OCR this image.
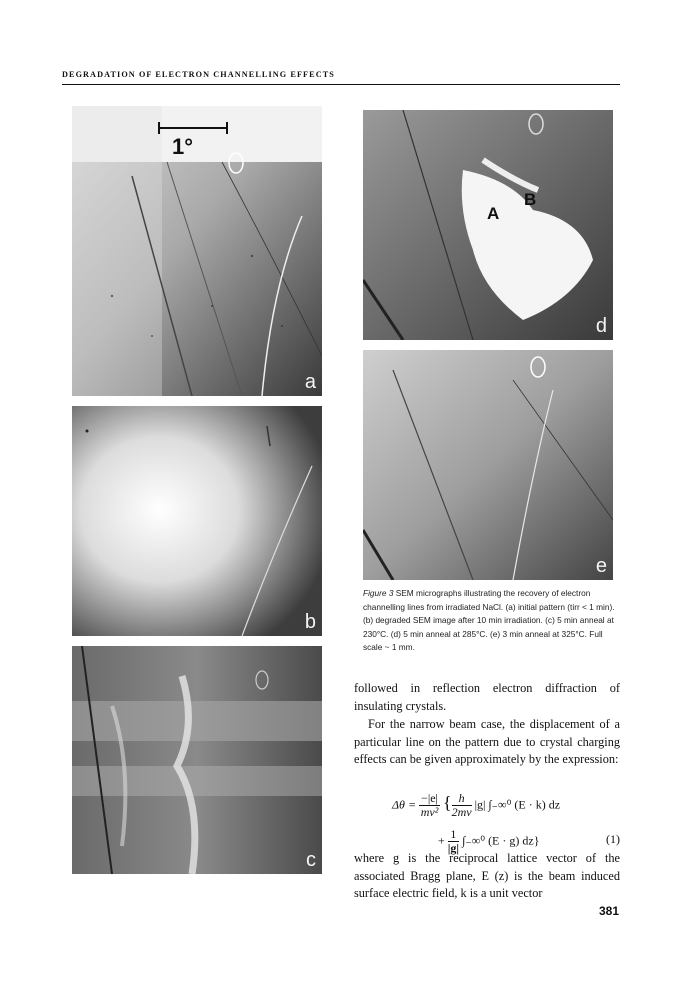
DEGRADATION OF ELECTRON CHANNELLING EFFECTS
1°
a
b
c
A
B
d
e
Figure 3 SEM micrographs illustrating the recovery of electron channelling lines from irradiated NaCl. (a) initial pattern (tirr < 1 min). (b) degraded SEM image after 10 min irradiation. (c) 5 min anneal at 230°C. (d) 5 min anneal at 285°C. (e) 3 min anneal at 325°C. Full scale ~ 1 mm.
followed in reflection electron diffraction of insulating crystals.
For the narrow beam case, the displacement of a particular line on the pattern due to crystal charging effects can be given approximately by the expression:
$\Delta\theta = \frac{-|e|}{\text{mv²}}$ { $\frac{h}{2mv} |g|$ ∫₋∞⁰ (E · k) dz
+ $\frac{1}{|g|} \int_-\infty^0$ (E · g) dz}	(1)
where g is the reciprocal lattice vector of the associated Bragg plane, E (z) is the beam induced surface electric field, k is a unit vector
381
